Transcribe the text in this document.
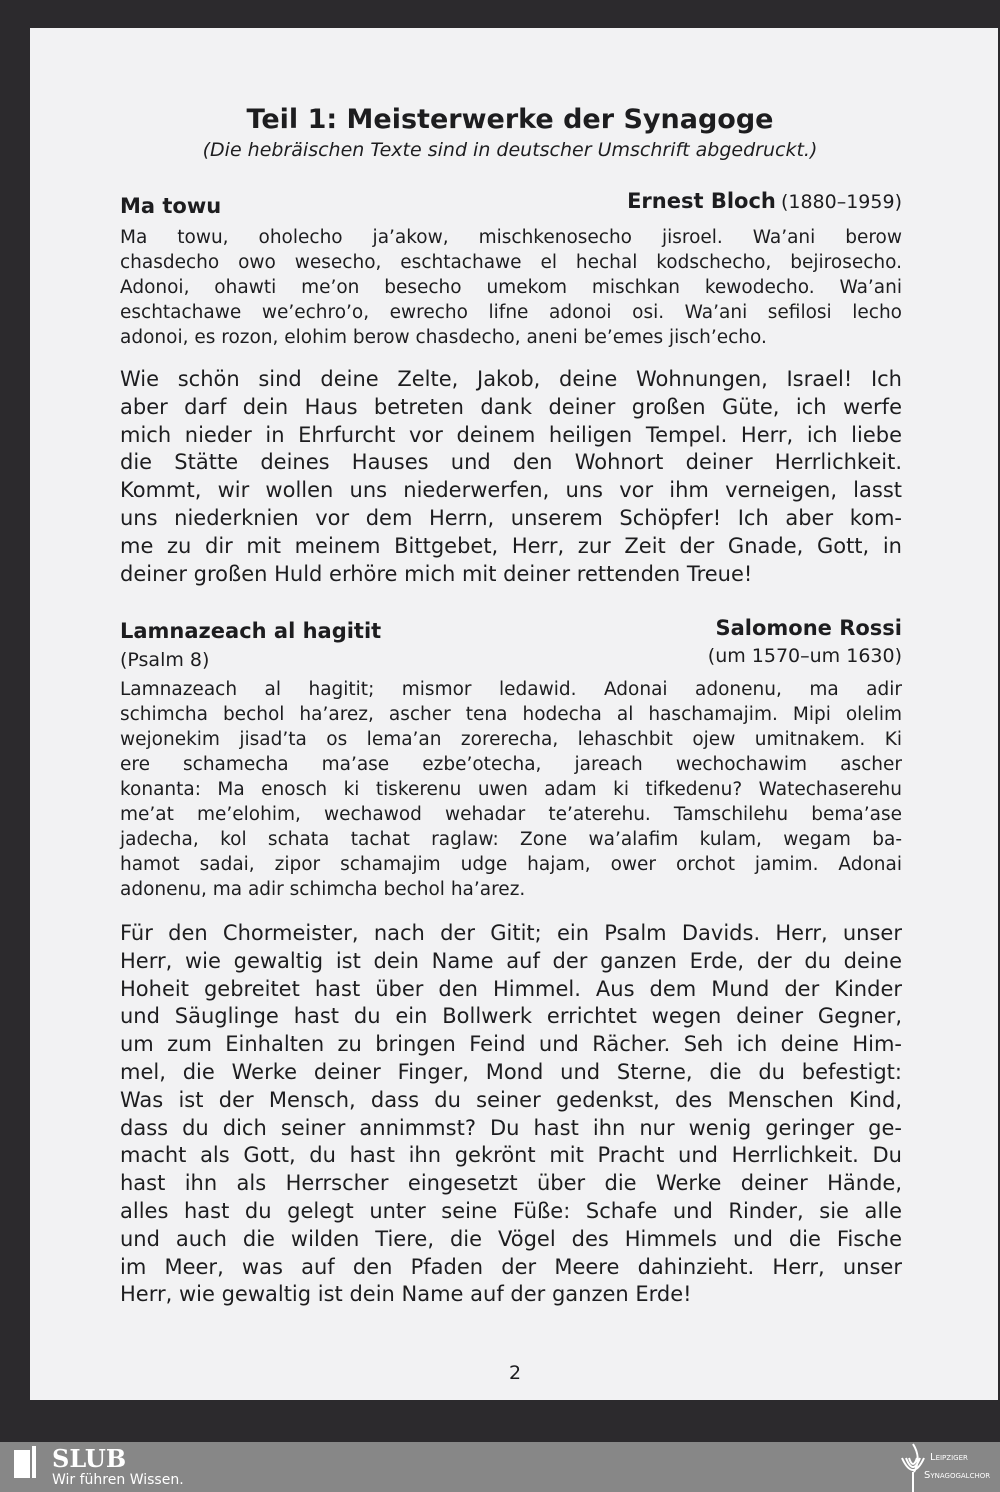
Teil 1: Meisterwerke der Synagoge
(Die hebräischen Texte sind in deutscher Umschrift abgedruckt.)
Ma towu	Ernest Bloch (1880–1959)
Ma towu, oholecho ja’akow, mischkenosecho jisroel. Wa’ani berow
chasdecho owo wesecho, eschtachawe el hechal kodschecho, bejirosecho.
Adonoi, ohawti me’on besecho umekom mischkan kewodecho. Wa’ani
eschtachawe we’echro’o, ewrecho lifne adonoi osi. Wa’ani sefilosi lecho
adonoi, es rozon, elohim berow chasdecho, aneni be’emes jisch’echo.
Wie schön sind deine Zelte, Jakob, deine Wohnungen, Israel! Ich
aber darf dein Haus betreten dank deiner großen Güte, ich werfe
mich nieder in Ehrfurcht vor deinem heiligen Tempel. Herr, ich liebe
die Stätte deines Hauses und den Wohnort deiner Herrlichkeit.
Kommt, wir wollen uns niederwerfen, uns vor ihm verneigen, lasst
uns niederknien vor dem Herrn, unserem Schöpfer! Ich aber kom-
me zu dir mit meinem Bittgebet, Herr, zur Zeit der Gnade, Gott, in
deiner großen Huld erhöre mich mit deiner rettenden Treue!
Lamnazeach al hagitit
(Psalm 8)
Salomone Rossi
(um 1570–um 1630)
Lamnazeach al hagitit; mismor ledawid. Adonai adonenu, ma adir
schimcha bechol ha’arez, ascher tena hodecha al haschamajim. Mipi olelim
wejonekim jisad’ta os lema’an zorerecha, lehaschbit ojew umitnakem. Ki
ere schamecha ma’ase ezbe’otecha, jareach wechochawim ascher
konanta: Ma enosch ki tiskerenu uwen adam ki tifkedenu? Watechaserehu
me’at me’elohim, wechawod wehadar te’aterehu. Tamschilehu bema’ase
jadecha, kol schata tachat raglaw: Zone wa’alafim kulam, wegam ba-
hamot sadai, zipor schamajim udge hajam, ower orchot jamim. Adonai
adonenu, ma adir schimcha bechol ha’arez.
Für den Chormeister, nach der Gitit; ein Psalm Davids. Herr, unser
Herr, wie gewaltig ist dein Name auf der ganzen Erde, der du deine
Hoheit gebreitet hast über den Himmel. Aus dem Mund der Kinder
und Säuglinge hast du ein Bollwerk errichtet wegen deiner Gegner,
um zum Einhalten zu bringen Feind und Rächer. Seh ich deine Him-
mel, die Werke deiner Finger, Mond und Sterne, die du befestigt:
Was ist der Mensch, dass du seiner gedenkst, des Menschen Kind,
dass du dich seiner annimmst? Du hast ihn nur wenig geringer ge-
macht als Gott, du hast ihn gekrönt mit Pracht und Herrlichkeit. Du
hast ihn als Herrscher eingesetzt über die Werke deiner Hände,
alles hast du gelegt unter seine Füße: Schafe und Rinder, sie alle
und auch die wilden Tiere, die Vögel des Himmels und die Fische
im Meer, was auf den Pfaden der Meere dahinzieht. Herr, unser
Herr, wie gewaltig ist dein Name auf der ganzen Erde!
2
SLUB
Wir führen Wissen.
Leipziger
Synagogalchor
